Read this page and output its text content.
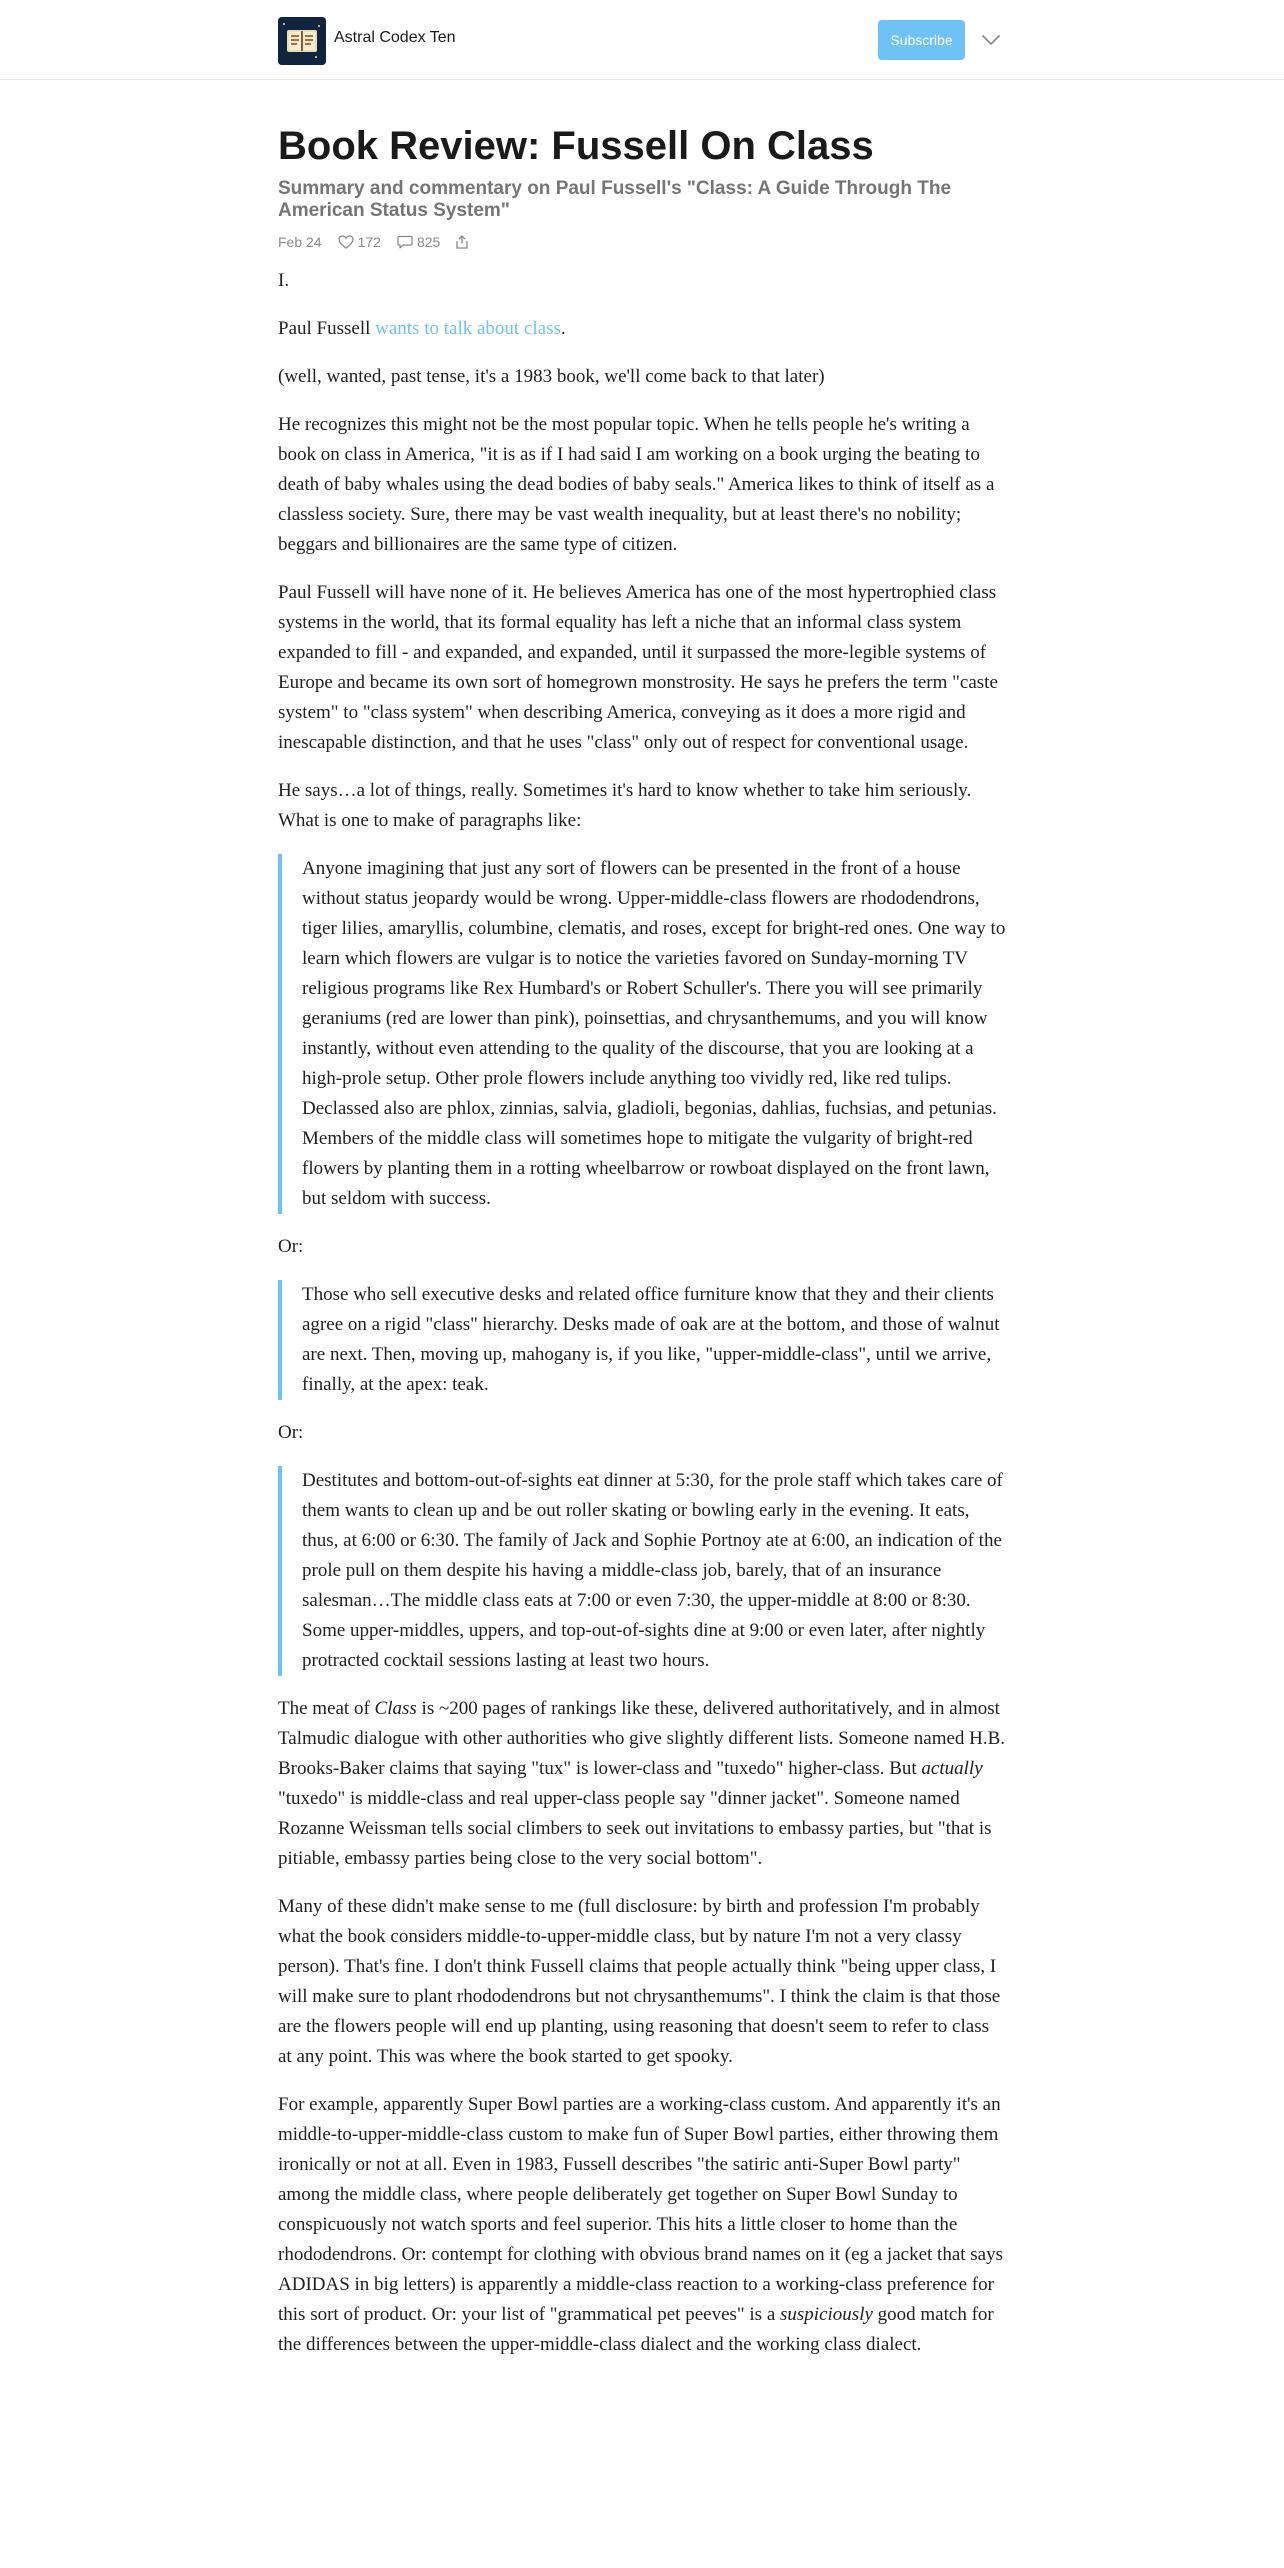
Astral Codex Ten	Subscribe
Book Review: Fussell On Class
Summary and commentary on Paul Fussell's "Class: A Guide Through The American Status System"
Feb 24	172	825

I.

Paul Fussell wants to talk about class.

(well, wanted, past tense, it's a 1983 book, we'll come back to that later)

He recognizes this might not be the most popular topic. When he tells people he's writing a book on class in America, "it is as if I had said I am working on a book urging the beating to death of baby whales using the dead bodies of baby seals." America likes to think of itself as a classless society. Sure, there may be vast wealth inequality, but at least there's no nobility; beggars and billionaires are the same type of citizen.

Paul Fussell will have none of it. He believes America has one of the most hypertrophied class systems in the world, that its formal equality has left a niche that an informal class system expanded to fill - and expanded, and expanded, until it surpassed the more-legible systems of Europe and became its own sort of homegrown monstrosity. He says he prefers the term "caste system" to "class system" when describing America, conveying as it does a more rigid and inescapable distinction, and that he uses "class" only out of respect for conventional usage.

He says…a lot of things, really. Sometimes it's hard to know whether to take him seriously. What is one to make of paragraphs like:

Anyone imagining that just any sort of flowers can be presented in the front of a house without status jeopardy would be wrong. Upper-middle-class flowers are rhododendrons, tiger lilies, amaryllis, columbine, clematis, and roses, except for bright-red ones. One way to learn which flowers are vulgar is to notice the varieties favored on Sunday-morning TV religious programs like Rex Humbard's or Robert Schuller's. There you will see primarily geraniums (red are lower than pink), poinsettias, and chrysanthemums, and you will know instantly, without even attending to the quality of the discourse, that you are looking at a high-prole setup. Other prole flowers include anything too vividly red, like red tulips. Declassed also are phlox, zinnias, salvia, gladioli, begonias, dahlias, fuchsias, and petunias. Members of the middle class will sometimes hope to mitigate the vulgarity of bright-red flowers by planting them in a rotting wheelbarrow or rowboat displayed on the front lawn, but seldom with success.

Or:

Those who sell executive desks and related office furniture know that they and their clients agree on a rigid "class" hierarchy. Desks made of oak are at the bottom, and those of walnut are next. Then, moving up, mahogany is, if you like, "upper-middle-class", until we arrive, finally, at the apex: teak.

Or:

Destitutes and bottom-out-of-sights eat dinner at 5:30, for the prole staff which takes care of them wants to clean up and be out roller skating or bowling early in the evening. It eats, thus, at 6:00 or 6:30. The family of Jack and Sophie Portnoy ate at 6:00, an indication of the prole pull on them despite his having a middle-class job, barely, that of an insurance salesman…The middle class eats at 7:00 or even 7:30, the upper-middle at 8:00 or 8:30. Some upper-middles, uppers, and top-out-of-sights dine at 9:00 or even later, after nightly protracted cocktail sessions lasting at least two hours.

The meat of Class is ~200 pages of rankings like these, delivered authoritatively, and in almost Talmudic dialogue with other authorities who give slightly different lists. Someone named H.B. Brooks-Baker claims that saying "tux" is lower-class and "tuxedo" higher-class. But actually "tuxedo" is middle-class and real upper-class people say "dinner jacket". Someone named Rozanne Weissman tells social climbers to seek out invitations to embassy parties, but "that is pitiable, embassy parties being close to the very social bottom".

Many of these didn't make sense to me (full disclosure: by birth and profession I'm probably what the book considers middle-to-upper-middle class, but by nature I'm not a very classy person). That's fine. I don't think Fussell claims that people actually think "being upper class, I will make sure to plant rhododendrons but not chrysanthemums". I think the claim is that those are the flowers people will end up planting, using reasoning that doesn't seem to refer to class at any point. This was where the book started to get spooky.

For example, apparently Super Bowl parties are a working-class custom. And apparently it's an middle-to-upper-middle-class custom to make fun of Super Bowl parties, either throwing them ironically or not at all. Even in 1983, Fussell describes "the satiric anti-Super Bowl party" among the middle class, where people deliberately get together on Super Bowl Sunday to conspicuously not watch sports and feel superior. This hits a little closer to home than the rhododendrons. Or: contempt for clothing with obvious brand names on it (eg a jacket that says ADIDAS in big letters) is apparently a middle-class reaction to a working-class preference for this sort of product. Or: your list of "grammatical pet peeves" is a suspiciously good match for the differences between the upper-middle-class dialect and the working class dialect.
